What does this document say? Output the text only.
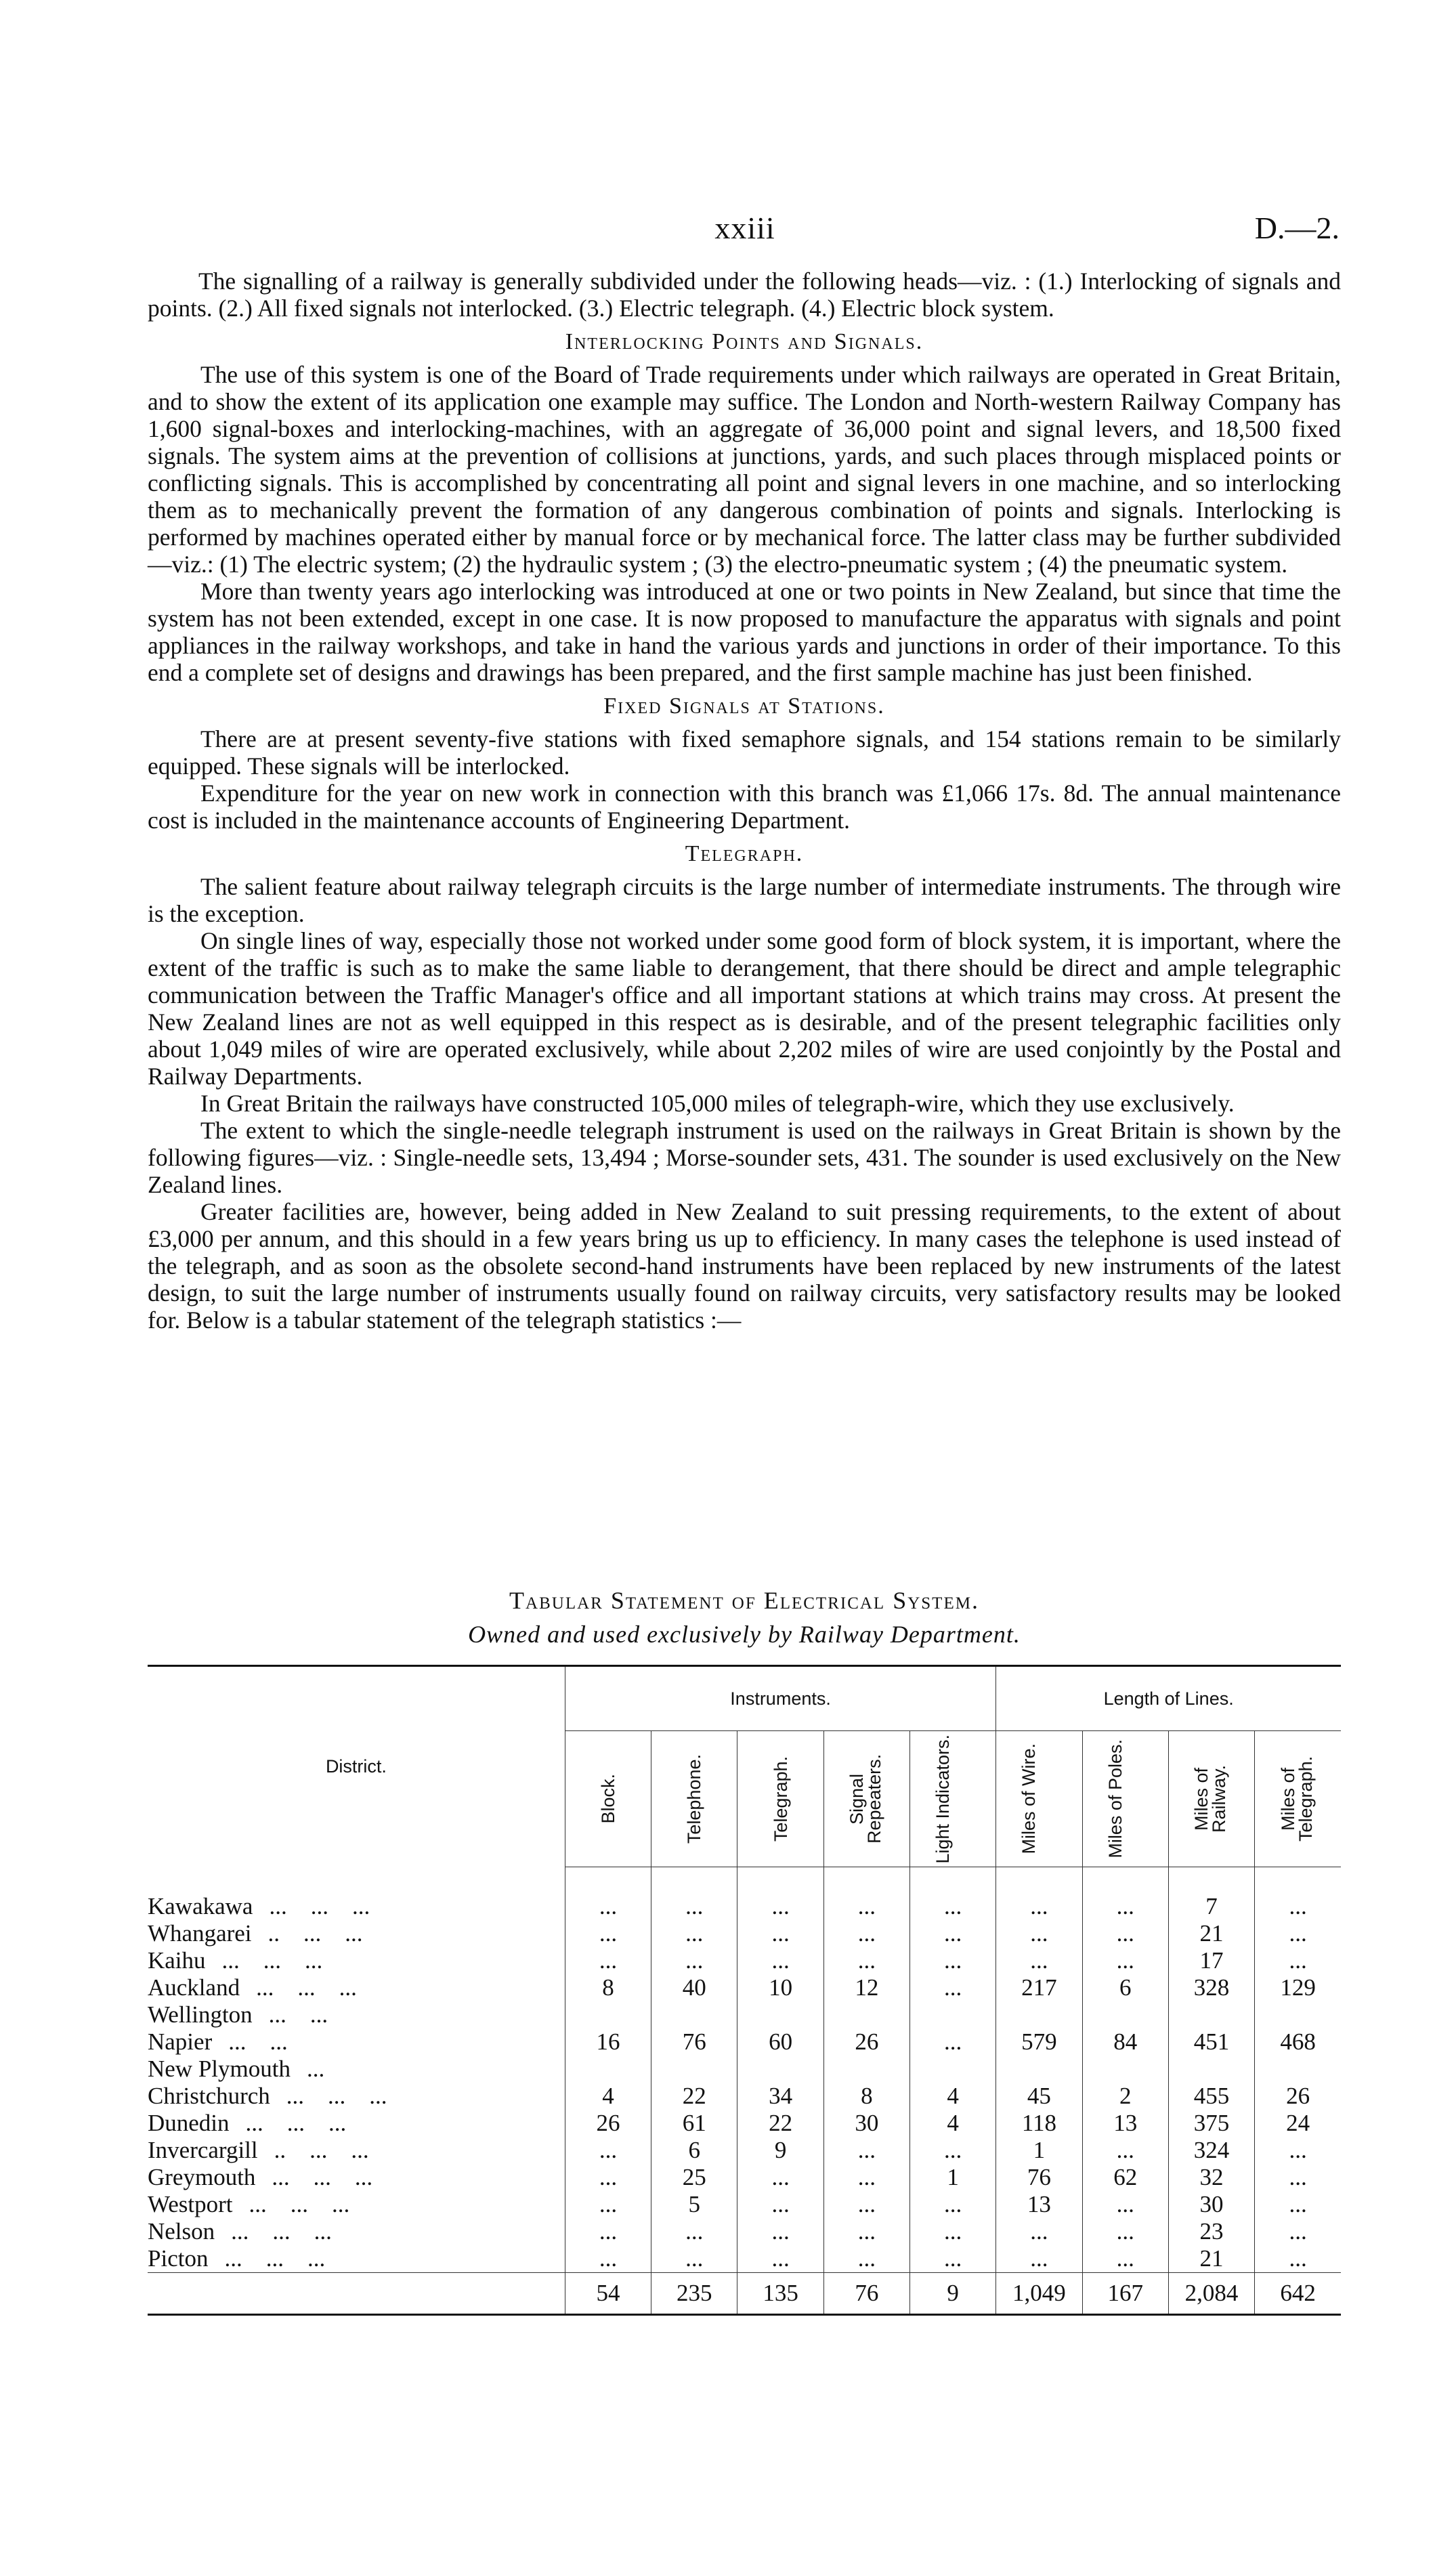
xxiii	D.—2.

The signalling of a railway is generally subdivided under the following heads—viz. : (1.) Interlocking of signals and points. (2.) All fixed signals not interlocked. (3.) Electric telegraph. (4.) Electric block system.

Interlocking Points and Signals.

The use of this system is one of the Board of Trade requirements under which railways are operated in Great Britain, and to show the extent of its application one example may suffice. The London and North-western Railway Company has 1,600 signal-boxes and interlocking-machines, with an aggregate of 36,000 point and signal levers, and 18,500 fixed signals. The system aims at the prevention of collisions at junctions, yards, and such places through misplaced points or conflicting signals. This is accomplished by concentrating all point and signal levers in one machine, and so interlocking them as to mechanically prevent the formation of any dangerous combination of points and signals. Interlocking is performed by machines operated either by manual force or by mechanical force. The latter class may be further subdivided—viz.: (1) The electric system; (2) the hydraulic system ; (3) the electro-pneumatic system ; (4) the pneumatic system.

More than twenty years ago interlocking was introduced at one or two points in New Zealand, but since that time the system has not been extended, except in one case. It is now proposed to manufacture the apparatus with signals and point appliances in the railway workshops, and take in hand the various yards and junctions in order of their importance. To this end a complete set of designs and drawings has been prepared, and the first sample machine has just been finished.

Fixed Signals at Stations.

There are at present seventy-five stations with fixed semaphore signals, and 154 stations remain to be similarly equipped. These signals will be interlocked.

Expenditure for the year on new work in connection with this branch was £1,066 17s. 8d. The annual maintenance cost is included in the maintenance accounts of Engineering Department.

Telegraph.

The salient feature about railway telegraph circuits is the large number of intermediate instruments. The through wire is the exception.

On single lines of way, especially those not worked under some good form of block system, it is important, where the extent of the traffic is such as to make the same liable to derangement, that there should be direct and ample telegraphic communication between the Traffic Manager's office and all important stations at which trains may cross. At present the New Zealand lines are not as well equipped in this respect as is desirable, and of the present telegraphic facilities only about 1,049 miles of wire are operated exclusively, while about 2,202 miles of wire are used conjointly by the Postal and Railway Departments.

In Great Britain the railways have constructed 105,000 miles of telegraph-wire, which they use exclusively.

The extent to which the single-needle telegraph instrument is used on the railways in Great Britain is shown by the following figures—viz. : Single-needle sets, 13,494 ; Morse-sounder sets, 431. The sounder is used exclusively on the New Zealand lines.

Greater facilities are, however, being added in New Zealand to suit pressing requirements, to the extent of about £3,000 per annum, and this should in a few years bring us up to efficiency. In many cases the telephone is used instead of the telegraph, and as soon as the obsolete second-hand instruments have been replaced by new instruments of the latest design, to suit the large number of instruments usually found on railway circuits, very satisfactory results may be looked for. Below is a tabular statement of the telegraph statistics :—

Tabular Statement of Electrical System.
Owned and used exclusively by Railway Department.
District.	Instruments.					Length of Lines.			

	Block.	Telephone.	Telegraph.	Signal Repeaters.	Light Indicators.	Miles of Wire.	Miles of Poles.	Miles of Railway.	Miles of Telegraph.

Kawakawa ...    ...    ...	...	...	...	...	...	...	...	7	...
Whangarei ..    ...    ...	...	...	...	...	...	...	...	21	...
Kaihu ...    ...    ...	...	...	...	...	...	...	...	17	...
Auckland ...    ...    ...	8	40	10	12	...	217	6	328	129
Wellington ...    ...									
Napier ...    ...	16	76	60	26	...	579	84	451	468
New Plymouth ...									
Christchurch ...    ...    ...	4	22	34	8	4	45	2	455	26
Dunedin ...    ...    ...	26	61	22	30	4	118	13	375	24
Invercargill ..    ...    ...	...	6	9	...	...	1	...	324	...
Greymouth ...    ...    ...	...	25	...	...	1	76	62	32	...
Westport ...    ...    ...	...	5	...	...	...	13	...	30	...
Nelson ...    ...    ...	...	...	...	...	...	...	...	23	...
Picton ...    ...    ...	...	...	...	...	...	...	...	21	...
	54	235	135	76	9	1,049	167	2,084	642
